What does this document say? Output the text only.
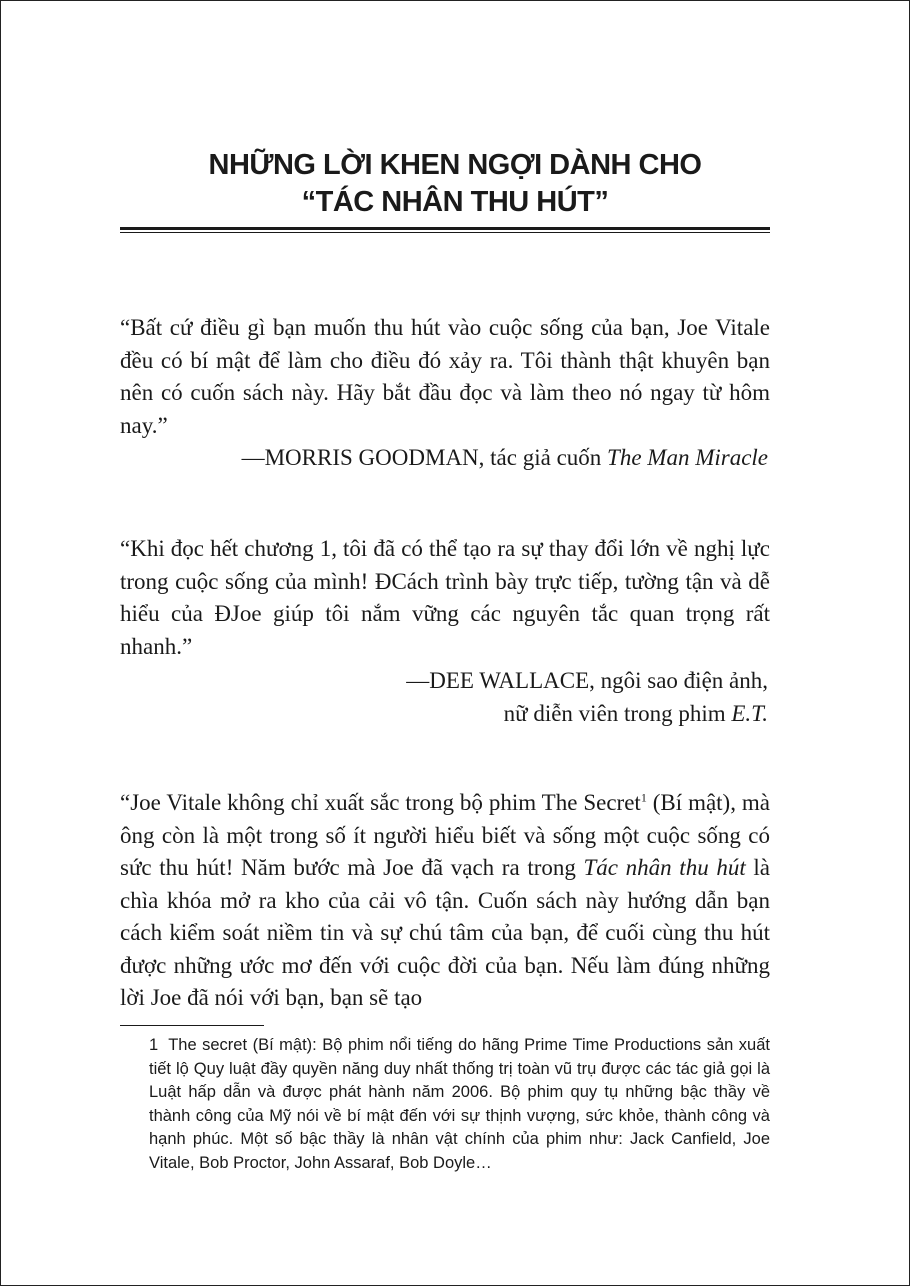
NHỮNG LỜI KHEN NGỢI DÀNH CHO
“TÁC NHÂN THU HÚT”
“Bất cứ điều gì bạn muốn thu hút vào cuộc sống của bạn, Joe Vitale đều có bí mật để làm cho điều đó xảy ra. Tôi thành thật khuyên bạn nên có cuốn sách này. Hãy bắt đầu đọc và làm theo nó ngay từ hôm nay.”
—MORRIS GOODMAN, tác giả cuốn The Man Miracle
“Khi đọc hết chương 1, tôi đã có thể tạo ra sự thay đổi lớn về nghị lực trong cuộc sống của mình! ĐCách trình bày trực tiếp, tường tận và dễ hiểu của ĐJoe giúp tôi nắm vững các nguyên tắc quan trọng rất nhanh.”
—DEE WALLACE, ngôi sao điện ảnh,
nữ diễn viên trong phim E.T.
“Joe Vitale không chỉ xuất sắc trong bộ phim The Secret$^1$ (Bí mật), mà ông còn là một trong số ít người hiểu biết và sống một cuộc sống có sức thu hút! Năm bước mà Joe đã vạch ra trong Tác nhân thu hút là chìa khóa mở ra kho của cải vô tận. Cuốn sách này hướng dẫn bạn cách kiểm soát niềm tin và sự chú tâm của bạn, để cuối cùng thu hút được những ước mơ đến với cuộc đời của bạn. Nếu làm đúng những lời Joe đã nói với bạn, bạn sẽ tạo
1 The secret (Bí mật): Bộ phim nổi tiếng do hãng Prime Time Productions sản xuất tiết lộ Quy luật đầy quyền năng duy nhất thống trị toàn vũ trụ được các tác giả gọi là Luật hấp dẫn và được phát hành năm 2006. Bộ phim quy tụ những bậc thầy về thành công của Mỹ nói về bí mật đến với sự thịnh vượng, sức khỏe, thành công và hạnh phúc. Một số bậc thầy là nhân vật chính của phim như: Jack Canfield, Joe Vitale, Bob Proctor, John Assaraf, Bob Doyle…
